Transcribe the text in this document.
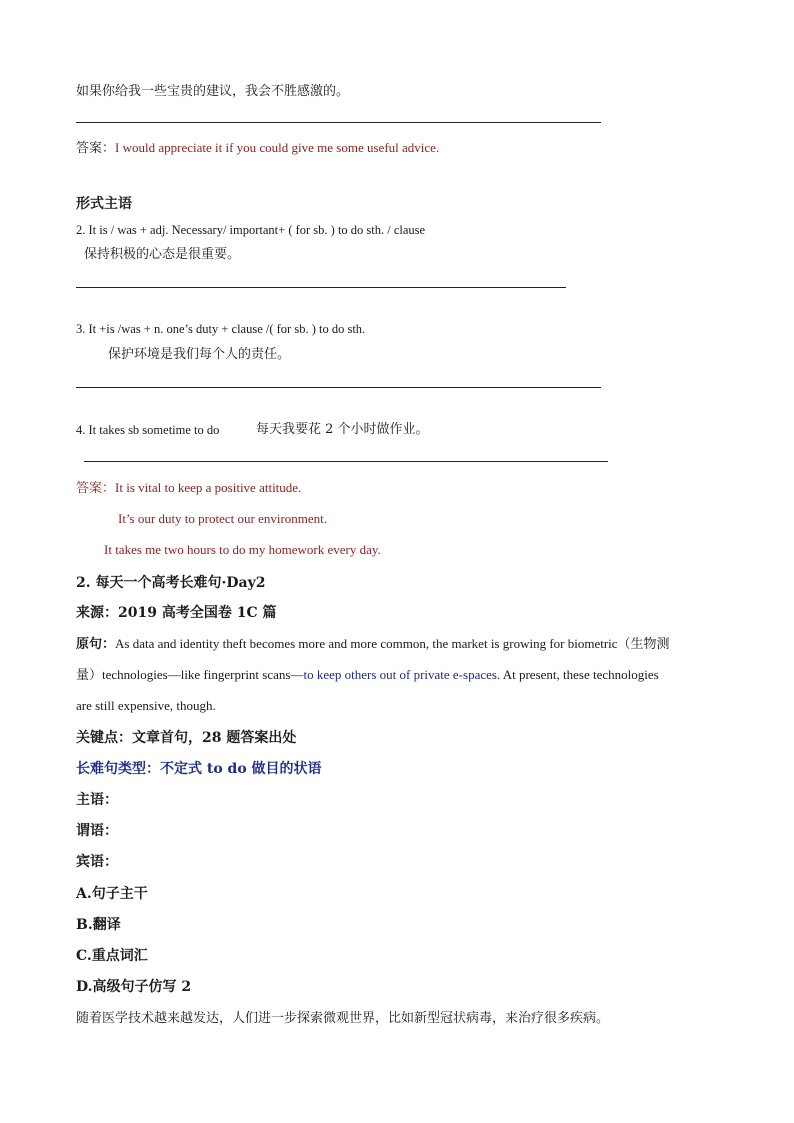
如果你给我一些宝贵的建议，我会不胜感激的。
答案：I would appreciate it if you could give me some useful advice.
形式主语
2. It is / was + adj. Necessary/ important+ ( for sb. ) to do sth. / clause
保持积极的心态是很重要。
3. It +is /was + n. one’s duty + clause /( for sb. ) to do sth.
保护环境是我们每个人的责任。
4. It takes sb sometime to do	每天我要花 2 个小时做作业。
答案：It is vital to keep a positive attitude.
It’s our duty to protect our environment.
It takes me two hours to do my homework every day.
2. 每天一个高考长难句·Day2
来源：2019 高考全国卷 1C 篇
原句：As data and identity theft becomes more and more common, the market is growing for biometric（生物测
量）technologies—like fingerprint scans—to keep others out of private e-spaces. At present, these technologies
are still expensive, though.
关键点：文章首句，28 题答案出处
长难句类型：不定式 to do 做目的状语
主语：
谓语：
宾语：
A.句子主干
B.翻译
C.重点词汇
D.高级句子仿写 2
随着医学技术越来越发达，人们进一步探索微观世界，比如新型冠状病毒，来治疗很多疾病。
